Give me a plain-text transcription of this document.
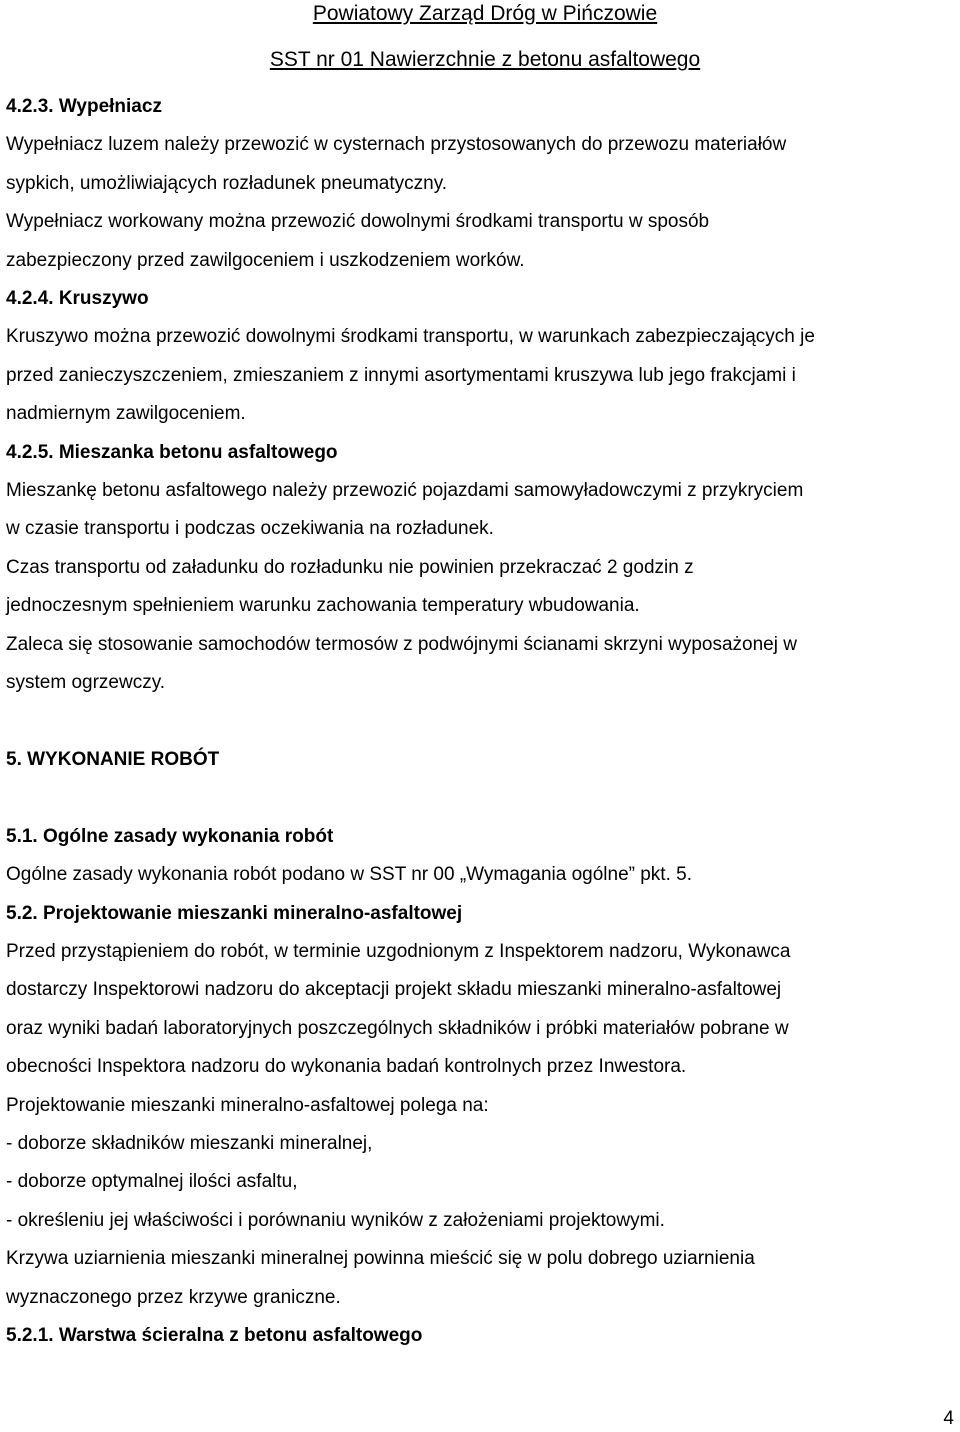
Powiatowy Zarząd Dróg w Pińczowie
SST nr 01 Nawierzchnie z betonu asfaltowego
4.2.3. Wypełniacz
Wypełniacz luzem należy przewozić w cysternach przystosowanych do przewozu materiałów
sypkich, umożliwiających rozładunek pneumatyczny.
Wypełniacz workowany można przewozić dowolnymi środkami transportu w sposób
zabezpieczony przed zawilgoceniem i uszkodzeniem worków.
4.2.4. Kruszywo
Kruszywo można przewozić dowolnymi środkami transportu, w warunkach zabezpieczających je
przed zanieczyszczeniem, zmieszaniem z innymi asortymentami kruszywa lub jego frakcjami i
nadmiernym zawilgoceniem.
4.2.5. Mieszanka betonu asfaltowego
Mieszankę betonu asfaltowego należy przewozić pojazdami samowyładowczymi z przykryciem
w czasie transportu i podczas oczekiwania na rozładunek.
Czas transportu od załadunku do rozładunku nie powinien przekraczać 2 godzin z
jednoczesnym spełnieniem warunku zachowania temperatury wbudowania.
Zaleca się stosowanie samochodów termosów z podwójnymi ścianami skrzyni wyposażonej w
system ogrzewczy.
5. WYKONANIE ROBÓT
5.1. Ogólne zasady wykonania robót
Ogólne zasady wykonania robót podano w SST nr 00 „Wymagania ogólne” pkt. 5.
5.2. Projektowanie mieszanki mineralno-asfaltowej
Przed przystąpieniem do robót, w terminie uzgodnionym z Inspektorem nadzoru, Wykonawca
dostarczy Inspektorowi nadzoru do akceptacji projekt składu mieszanki mineralno-asfaltowej
oraz wyniki badań laboratoryjnych poszczególnych składników i próbki materiałów pobrane w
obecności Inspektora nadzoru do wykonania badań kontrolnych przez Inwestora.
Projektowanie mieszanki mineralno-asfaltowej polega na:
- doborze składników mieszanki mineralnej,
- doborze optymalnej ilości asfaltu,
- określeniu jej właściwości i porównaniu wyników z założeniami projektowymi.
Krzywa uziarnienia mieszanki mineralnej powinna mieścić się w polu dobrego uziarnienia
wyznaczonego przez krzywe graniczne.
5.2.1. Warstwa ścieralna z betonu asfaltowego
4
